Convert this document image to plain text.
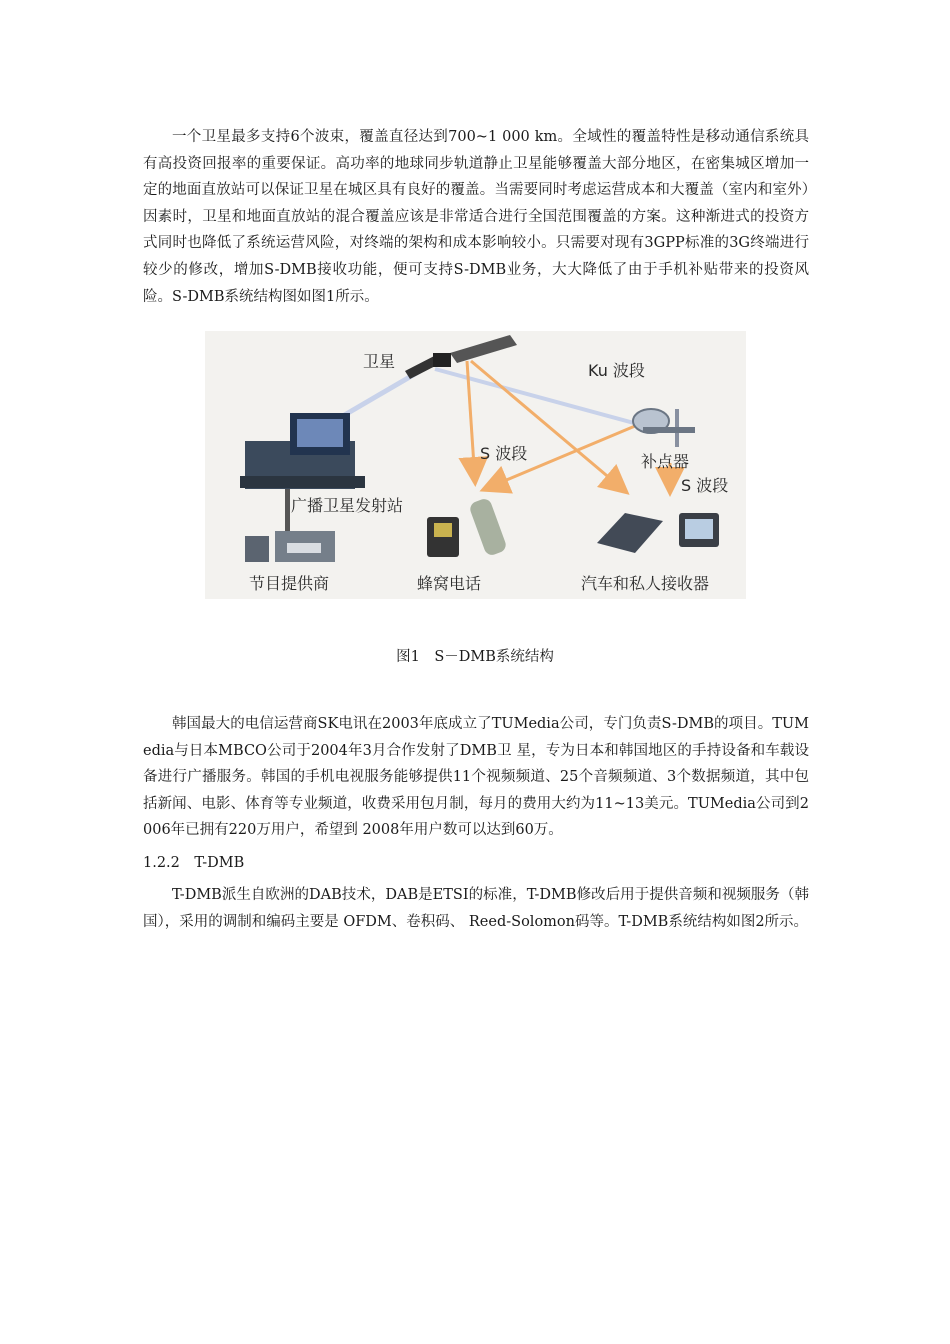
一个卫星最多支持6个波束，覆盖直径达到700~1 000 km。全域性的覆盖特性是移动通信系统具有高投资回报率的重要保证。高功率的地球同步轨道静止卫星能够覆盖大部分地区，在密集城区增加一定的地面直放站可以保证卫星在城区具有良好的覆盖。当需要同时考虑运营成本和大覆盖（室内和室外）因素时，卫星和地面直放站的混合覆盖应该是非常适合进行全国范围覆盖的方案。这种渐进式的投资方式同时也降低了系统运营风险，对终端的架构和成本影响较小。只需要对现有3GPP标准的3G终端进行较少的修改，增加S-DMB接收功能，便可支持S-DMB业务，大大降低了由于手机补贴带来的投资风险。S-DMB系统结构图如图1所示。

卫星	Ku 波段
S 波段	补点器
S 波段
广播卫星发射站
节目提供商	蜂窝电话	汽车和私人接收器

图1　S－DMB系统结构

韩国最大的电信运营商SK电讯在2003年底成立了TUMedia公司，专门负责S-DMB的项目。TUMedia与日本MBCO公司于2004年3月合作发射了DMB卫 星，专为日本和韩国地区的手持设备和车载设备进行广播服务。韩国的手机电视服务能够提供11个视频频道、25个音频频道、3个数据频道，其中包括新闻、电影、体育等专业频道，收费采用包月制，每月的费用大约为11~13美元。TUMedia公司到2006年已拥有220万用户，希望到 2008年用户数可以达到60万。

1.2.2　T-DMB

T-DMB派生自欧洲的DAB技术，DAB是ETSI的标准，T-DMB修改后用于提供音频和视频服务（韩国），采用的调制和编码主要是 OFDM、卷积码、 Reed-Solomon码等。T-DMB系统结构如图2所示。
